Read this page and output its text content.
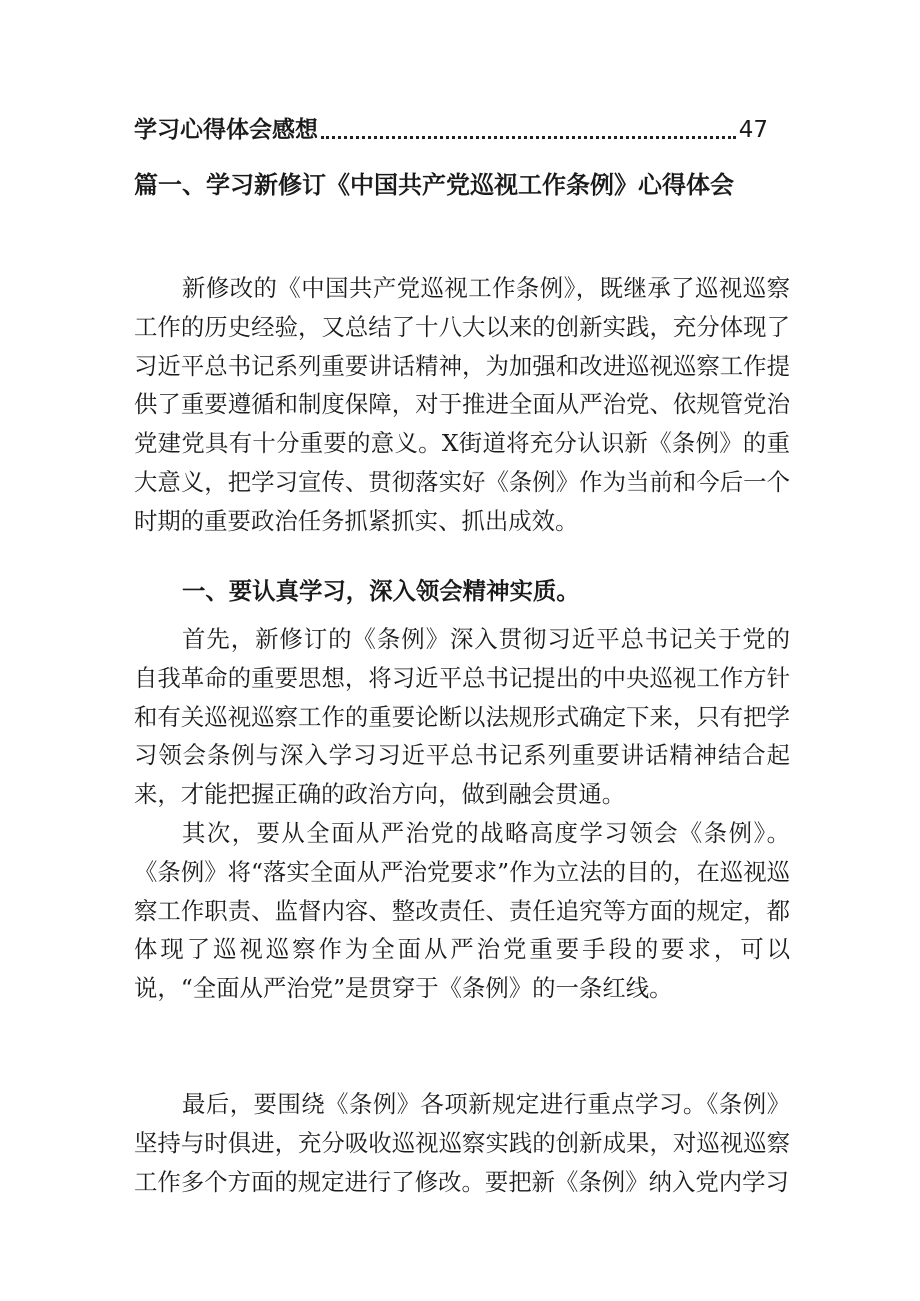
学习心得体会感想	47
篇一、学习新修订《中国共产党巡视工作条例》心得体会

新修改的《中国共产党巡视工作条例》，既继承了巡视巡察工作的历史经验，又总结了十八大以来的创新实践，充分体现了习近平总书记系列重要讲话精神，为加强和改进巡视巡察工作提供了重要遵循和制度保障，对于推进全面从严治党、依规管党治党建党具有十分重要的意义。X街道将充分认识新《条例》的重大意义，把学习宣传、贯彻落实好《条例》作为当前和今后一个时期的重要政治任务抓紧抓实、抓出成效。

一、要认真学习，深入领会精神实质。

首先，新修订的《条例》深入贯彻习近平总书记关于党的自我革命的重要思想，将习近平总书记提出的中央巡视工作方针和有关巡视巡察工作的重要论断以法规形式确定下来，只有把学习领会条例与深入学习习近平总书记系列重要讲话精神结合起来，才能把握正确的政治方向，做到融会贯通。

其次，要从全面从严治党的战略高度学习领会《条例》。《条例》将“落实全面从严治党要求”作为立法的目的，在巡视巡察工作职责、监督内容、整改责任、责任追究等方面的规定，都体现了巡视巡察作为全面从严治党重要手段的要求，可以说，“全面从严治党”是贯穿于《条例》的一条红线。

最后，要围绕《条例》各项新规定进行重点学习。《条例》坚持与时俱进，充分吸收巡视巡察实践的创新成果，对巡视巡察工作多个方面的规定进行了修改。要把新《条例》纳入党内学习
